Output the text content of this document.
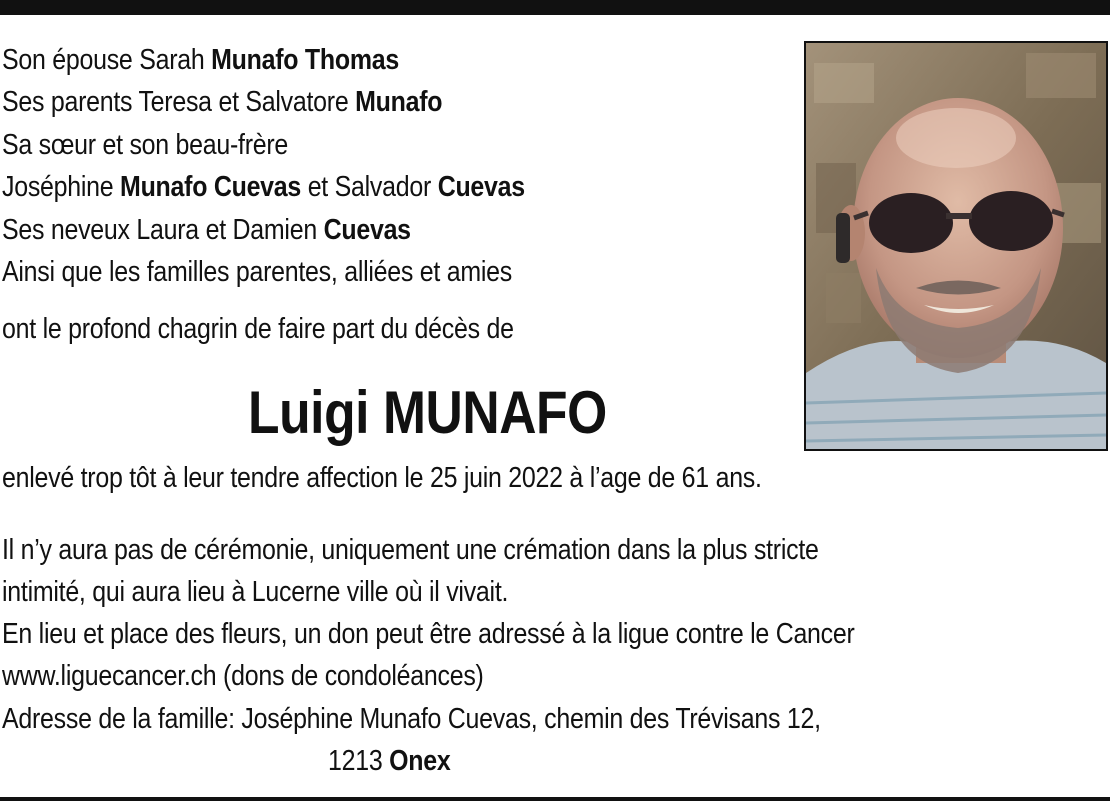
Son épouse Sarah Munafo Thomas
Ses parents Teresa et Salvatore Munafo
Sa sœur et son beau-frère
Joséphine Munafo Cuevas et Salvador Cuevas
Ses neveux Laura et Damien Cuevas
Ainsi que les familles parentes, alliées et amies
ont le profond chagrin de faire part du décès de
Luigi MUNAFO
enlevé trop tôt à leur tendre affection le 25 juin 2022 à l’age de 61 ans.
Il n’y aura pas de cérémonie, uniquement une crémation dans la plus stricte
intimité, qui aura lieu à Lucerne ville où il vivait.
En lieu et place des fleurs, un don peut être adressé à la ligue contre le Cancer
www.liguecancer.ch (dons de condoléances)
Adresse de la famille: Joséphine Munafo Cuevas, chemin des Trévisans 12,
1213 Onex
